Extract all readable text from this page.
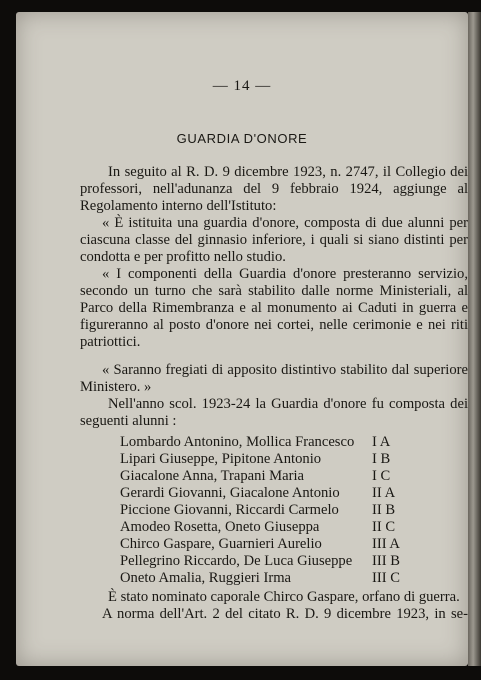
— 14 —
GUARDIA D'ONORE

In seguito al R. D. 9 dicembre 1923, n. 2747, il Collegio dei professori, nell'adunanza del 9 febbraio 1924, aggiunge al Regolamento interno dell'Istituto:

« È istituita una guardia d'onore, composta di due alunni per ciascuna classe del ginnasio inferiore, i quali si siano distinti per condotta e per profitto nello studio.

« I componenti della Guardia d'onore presteranno servizio, secondo un turno che sarà stabilito dalle norme Ministeriali, al Parco della Rimembranza e al monumento ai Caduti in guerra e figureranno al posto d'onore nei cortei, nelle cerimonie e nei riti patriottici.

« Saranno fregiati di apposito distintivo stabilito dal superiore Ministero. »

Nell'anno scol. 1923-24 la Guardia d'onore fu composta dei seguenti alunni :

Lombardo Antonino, Mollica Francesco I A
Lipari Giuseppe, Pipitone Antonio	I B
Giacalone Anna, Trapani Maria	I C
Gerardi Giovanni, Giacalone Antonio II A
Piccione Giovanni, Riccardi Carmelo II B
Amodeo Rosetta, Oneto Giuseppa	II C
Chirco Gaspare, Guarnieri Aurelio	III A
Pellegrino Riccardo, De Luca Giuseppe III B
Oneto Amalia, Ruggieri Irma	III C

È stato nominato caporale Chirco Gaspare, orfano di guerra.

A norma dell'Art. 2 del citato R. D. 9 dicembre 1923, in se-
